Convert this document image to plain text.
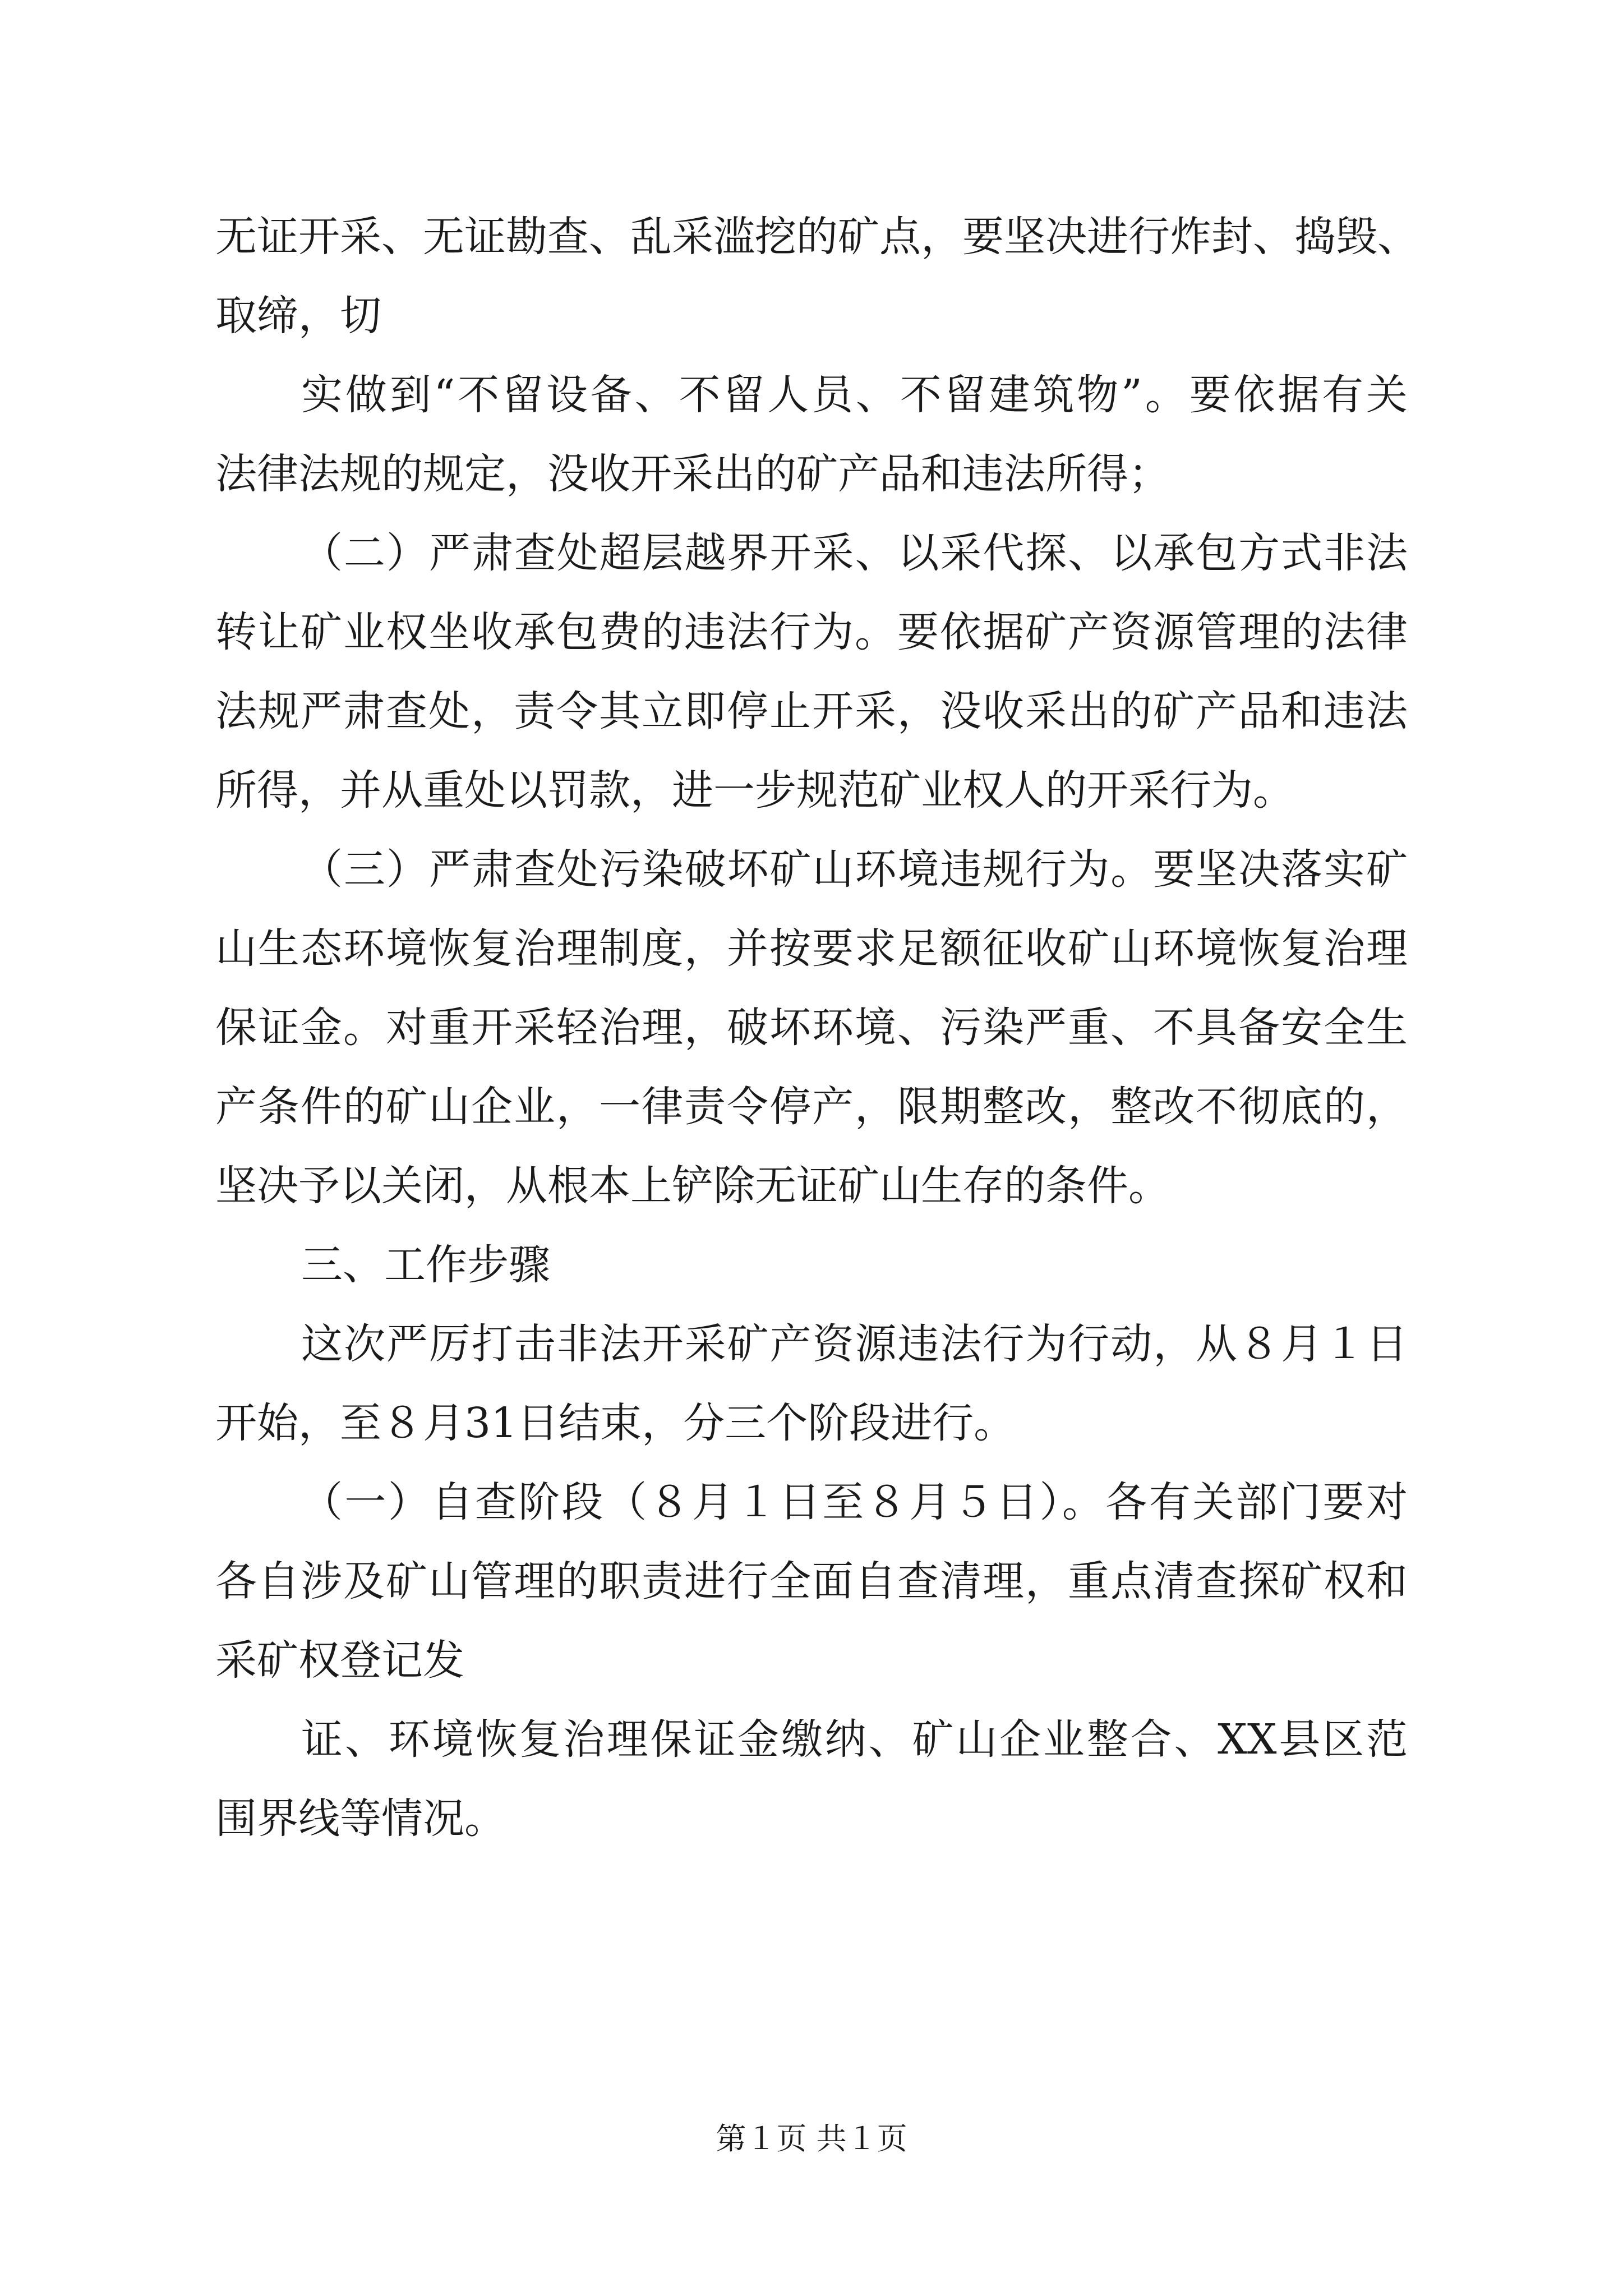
无证开采、无证勘查、乱采滥挖的矿点，要坚决进行炸封、捣毁、

取缔，切

实做到“不留设备、不留人员、不留建筑物”。要依据有关

法律法规的规定，没收开采出的矿产品和违法所得；

（二）严肃查处超层越界开采、以采代探、以承包方式非法

转让矿业权坐收承包费的违法行为。要依据矿产资源管理的法律

法规严肃查处，责令其立即停止开采，没收采出的矿产品和违法

所得，并从重处以罚款，进一步规范矿业权人的开采行为。

（三）严肃查处污染破坏矿山环境违规行为。要坚决落实矿

山生态环境恢复治理制度，并按要求足额征收矿山环境恢复治理

保证金。对重开采轻治理，破坏环境、污染严重、不具备安全生

产条件的矿山企业，一律责令停产，限期整改，整改不彻底的，

坚决予以关闭，从根本上铲除无证矿山生存的条件。

三、工作步骤

这次严厉打击非法开采矿产资源违法行为行动，从８月１日

开始，至８月31日结束，分三个阶段进行。

（一）自查阶段（８月１日至８月５日）。各有关部门要对

各自涉及矿山管理的职责进行全面自查清理，重点清查探矿权和

采矿权登记发

证、环境恢复治理保证金缴纳、矿山企业整合、XX县区范

围界线等情况。

第１页 共１页
